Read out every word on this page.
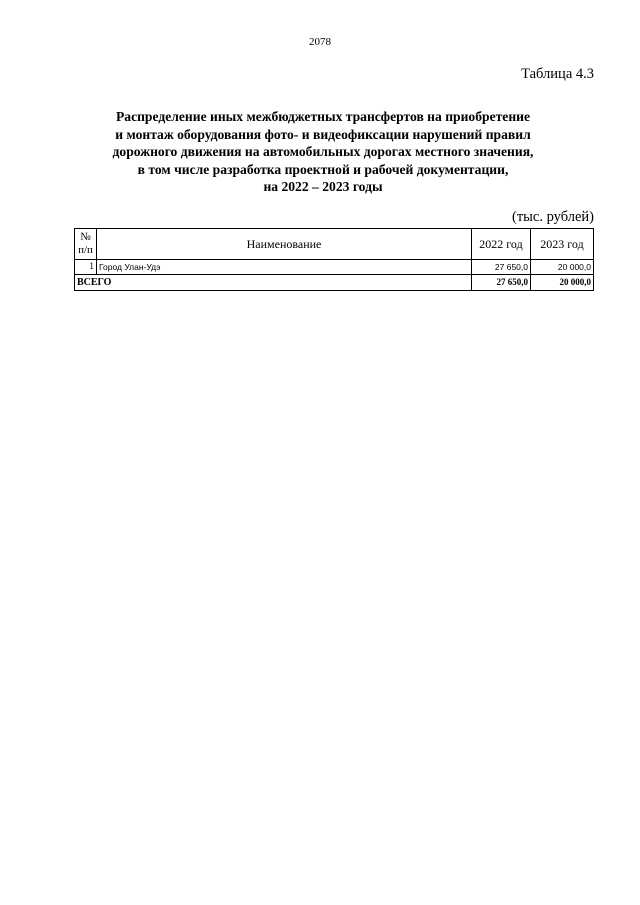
2078
Таблица 4.3
Распределение иных межбюджетных трансфертов на приобретение
и монтаж оборудования фото- и видеофиксации нарушений правил
дорожного движения на автомобильных дорогах местного значения,
в том числе разработка проектной и рабочей документации,
на 2022 – 2023 годы
(тыс. рублей)
№
п/п	Наименование	2022 год	2023 год
1	Город Улан-Удэ	27 650,0	20 000,0
ВСЕГО		27 650,0	20 000,0
